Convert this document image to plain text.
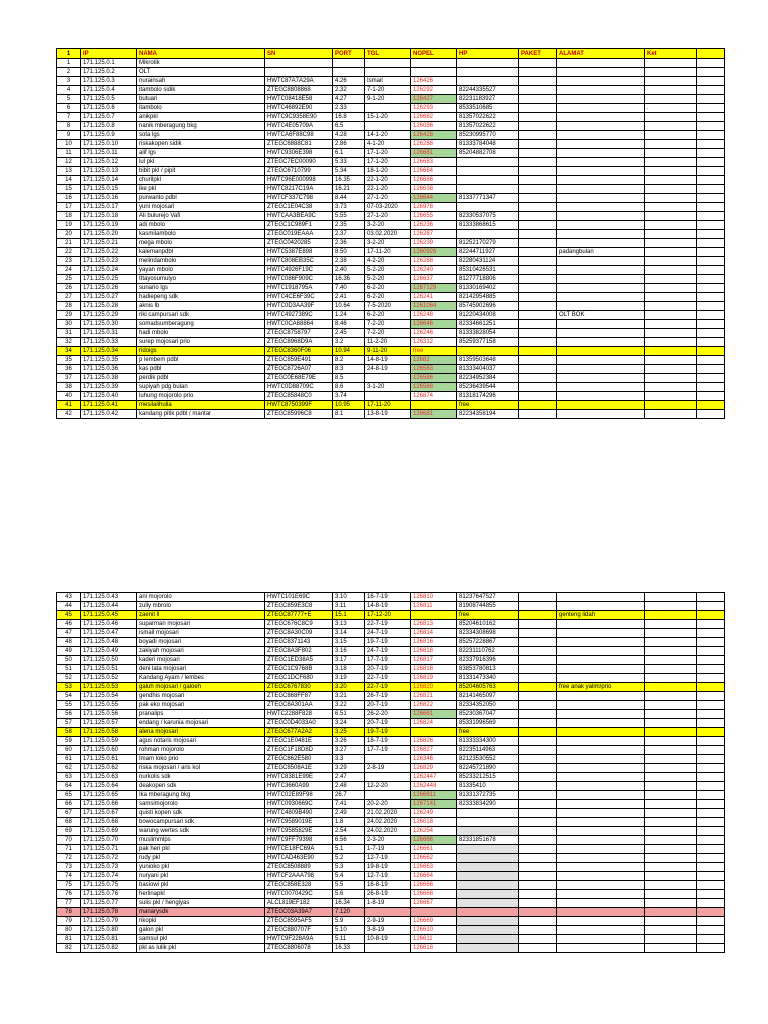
1	IP	NAMA	SN	PORT	TGL	NOPEL	HP	PAKET	ALAMAT	Ket	
1	171.125.0.1	Mikrotik									
2	171.125.0.2	OLT									
3	171.125.0.3	nurainsah	HWTC87A7A29A	4.26	Ismail	126426					
4	171.125.0.4	itambolo sidik	ZTEGC8808868	2.32	7-1-20	126292	82244335527				
5	171.125.0.5	butuari	HWTC08418E58	4.27	9-1-20	126427	82231183927				
6	171.125.0.6	itambolo	HWTC46892E90	2.33		126293	8533510685			.	
7	171.125.0.7	anikpkl	HWTC9C9358E90	16.8	15-1-20	126682	81357022622				
8	171.125.0.8	nanik mberagung bkg	HWTC4E05709A	6.5		126086	81357022622				
9	171.125.0.9	sota lgs	HWTCA6F88C98	4.28	14-1-20	126428	85230995770				
10	171.125.0.10	riskakopen sidik	ZTEGC6888C81	2.86	4-1-20	126288	81333784048				
11	171.125.0.11	alif lgs	HWTC9306E398	6.1	17-1-20	126681	85204882708				
12	171.125.0.12	lul pkl	ZTEGC7EC00090	5.33	17-1-20	126683					
13	171.125.0.13	bibit pkl / pipit	ZTEGC6710799	5.34	18-1-20	126684					
14	171.125.0.14	churilpkl	HWTC96E000998	16.35	22-1-20	126686					
15	171.125.0.15	ike pkl	HWTC8217C19A	16.21	22-1-20	126638					
16	171.125.0.16	purwanto pdbl	HWTCF337C798	8.44	27-1-20	126644	81337771347				
17	171.125.0.17	yuni mojosari	ZTEGC1E04C38	3.73	07-03-2020	126978					
18	171.125.0.18	Ali bulurejo Vafi	HWTCAA3BEA9C	5.55	27-1-20	126655	82330537075				
19	171.125.0.19	adi mbolo	ZTEGC1C989F1	2.35	3-2-20	126236	81333868615				
20	171.125.0.20	kasmilambolo	ZTEGC019EAAA	2.37	03.02.2020	126287					
21	171.125.0.21	mega mbolo	ZTEGC0420285	2.36	3-2-20	126239	81252170279				
22	171.125.0.22	kalemanpdbl	HWTC5387E898	8.50	17-11-20	1260926	82244711927		padangbulan		
23	171.125.0.23	melindambolo	HWTC808EB35C	2.38	4-2-20	126288	82280431124				
24	171.125.0.24	yayan mbolo	HWTC4926F19C	2.40	5-2-20	126240	85310426531				
25	171.125.0.25	Ittayosumulyo	HWTC086F909C	16.36	5-2-20	126637	81277718806				
26	171.125.0.26	sunario lgs	HWTC1918795A	7.40	6-2-20	1267129	81330169402				
27	171.125.0.27	hadiepeng sdk	HWTC4CE6F39C	2.41	6-2-20	126241	82142954885				
28	171.125.0.28	aknis lb	HWTC0D3AA39F	10.64	7-5-2020	1261064	85745902696				
29	171.125.0.29	riki campursari sdk	HWTC4927389C	1.24	6-2-20	126248	81220434008		OLT BOK		
30	171.125.0.30	somadsumberagung	HWTC0CA68864	8.46	7-2-20	126646	82334661251				
31	171.125.0.31	hadi mbolo	ZTEGC8758797	2.45	7-2-20	126246	81333828054				
32	171.125.0.33	surep mojosari prio	ZTEGC8968D9A	3.2	11-2-20	126312	85259377158				
34	171.125.0.34	ridoigs	ZTEGC8360F06	10.94	9-11-20	free					
35	171.125.0.35	p lembem pdbl	ZTEGC859E491	8.2	14-8-19	12682	81359503648				
36	171.125.0.36	kas pdbl	ZTEGC8726A07	8.3	24-8-19	126583	81333404037				
37	171.125.0.38	perdik pdbl	ZTEGC0E68E79E	8.5		126586	82234952384				
38	171.125.0.39	supiyah pdg bulan	HWTC0D88709C	8.6	3-1-20	126588	85236439544				
40	171.125.0.40	luhung mojorolo prio	ZTEGC85848C0	3.74		126874	81318174296				
41	171.125.0.41	mesilalihulia	HWTC8750399F	10.95	17-11-20		free				
42	171.125.0.42	kandang pitik pdbl / mantar	ZTEGC85996C8	8.1	13-8-19	126681	82234358194				
43	171.125.0.43	ani mojorolo	HWTC101E69C	3.10	16-7-19	126810	81237647527				
44	171.125.0.44	zully mbrolo	ZTEGC859E3C8	3.11	14-8-19	126811	81908744855				
45	171.125.0.45	zaenit ll	ZTEGC87777+E	15.1	17-12-20		free		genteng lidah		
46	171.125.0.46	suparman mojosari	ZTEGC676C8C9	3.13	22-7-19	126813	85204610162				
47	171.125.0.47	ismail mojosari	ZTEGC8A30C09	3.14	24-7-19	126814	82334308698				
48	171.125.0.48	boyadi mojosari	ZTEGC8371143	3.15	19-7-19	126816	85257228867				
49	171.125.0.49	zakiyah mojosari	ZTEGC8A3F802	3.16	24-7-19	126818	82231110762				
50	171.125.0.50	kaderi mojosari	ZTEGC1ED38A5	3.17	17-7-19	126817	82337916396				
51	171.125.0.51	deni lata mojosari	ZTEGC1C9768B	3.18	20-7-19	126818	83853780813				
52	171.125.0.52	Kandang Ayam / lembes	ZTEGC1DCF680	3.19	22-7-19	126819	81331473340				
53	171.125.0.53	galuh mojosari / galoeh	ZTEGC6767830	3.20	22-7-19	126820	85204605763		free anak yalim/prio		
54	171.125.0.54	gendhis mojosari	ZTEGC868FF87	3.21	26-7-19	126821	82141465097				
55	171.125.0.55	pak eko mojosari	ZTEGC8A301AA	3.22	20-7-19	126822	82334352050				
56	171.125.0.56	pranalips	HWTC2288F828	6.51	26-2-20	126661	85230367047				
57	171.125.0.57	endang / karunia mojosari	ZTEGC0D4033A0	3.24	20-7-19	126824	85331996569				
58	171.125.0.58	alena mojosari	ZTEGC677A2A2	3.25	19-7-19		free				
59	171.125.0.59	agus notaris mojosari	ZTEGC1E0481E	3.26	18-7-19	126826	81333334300				
60	171.125.0.60	rohman mojorolo	ZTEGC1F18D8D	3.27	17-7-19	126827	82235114963				
61	171.125.0.61	Imam loko prio	ZTEGC862E580	3.3		126346	82123530552				
62	171.125.0.62	riska mojosari / aris kol	ZTEGC8508A1E	3.29	2-8-19	126829	82245721890				
63	171.125.0.63	nurkolis sdk	HWTC8381E99E	2.47		1262447	85233212515				
64	171.125.0.64	deakopen sdk	HWTC3660A99	2.48	12-2-20	1262448	81335410				
65	171.125.0.65	Ika mberagung bkg	HWTC02E89F98	26.7		1266811	81331372735				
66	171.125.0.66	samsimojorolo	HWTC0930669C	7.41	20-2-20	1267141	82333834290				
67	171.125.0.67	quisti kopen sdk	HWTC4809B490	2.49	21.02.2020	126249					
68	171.125.0.68	bowocampursari sdk	HWTC9589019E	1.8	24.02.2020	126018					
69	171.125.0.69	warung wertes sdk	HWTC9585829E	2.54	24.02.2020	126254					
70	171.125.0.70	muslimmlps	HWTC9FF79398	6.56	2-3-20	126666	82331851678				
71	171.125.0.71	pak heri pkl	HWTCE18FC69A	5.1	1-7-19	126661					
72	171.125.0.72	rudy pkl	HWTCAD463E90	5.2	12-7-19	126662					
73	171.125.0.73	yunioko pkl	ZTEGC8508889	5.3	19-8-19	126663					
74	171.125.0.74	nuryani pkl	HWTCF2AAA798	5.4	12-7-19	126664					
75	171.125.0.75	basiowi pkl	ZTEGC858E328	5.5	16-8-19	126666					
76	171.125.0.76	herlinapkl	HWTC0070429C	5.6	26-8-19	126668					
77	171.125.0.77	sulis pkl / hengiyas	ALCL819EF182	16.34	1-8-19	126667					
78	171.125.0.78	manarysdk	ZTEGC03A39A7	7.120							
79	171.125.0.79	rikopkl	ZTEGC8595AF5	5.9	2-9-19	126669					
80	171.125.0.80	galon pkl	ZTEGC880707F	5.10	3-8-19	126610					
81	171.125.0.81	samsul pkl	HWTC9F228A9A	5.11	10-8-19	126611					
82	171.125.0.82	pkl as lulik pkl	ZTEGC8806078	16.33		126618					
